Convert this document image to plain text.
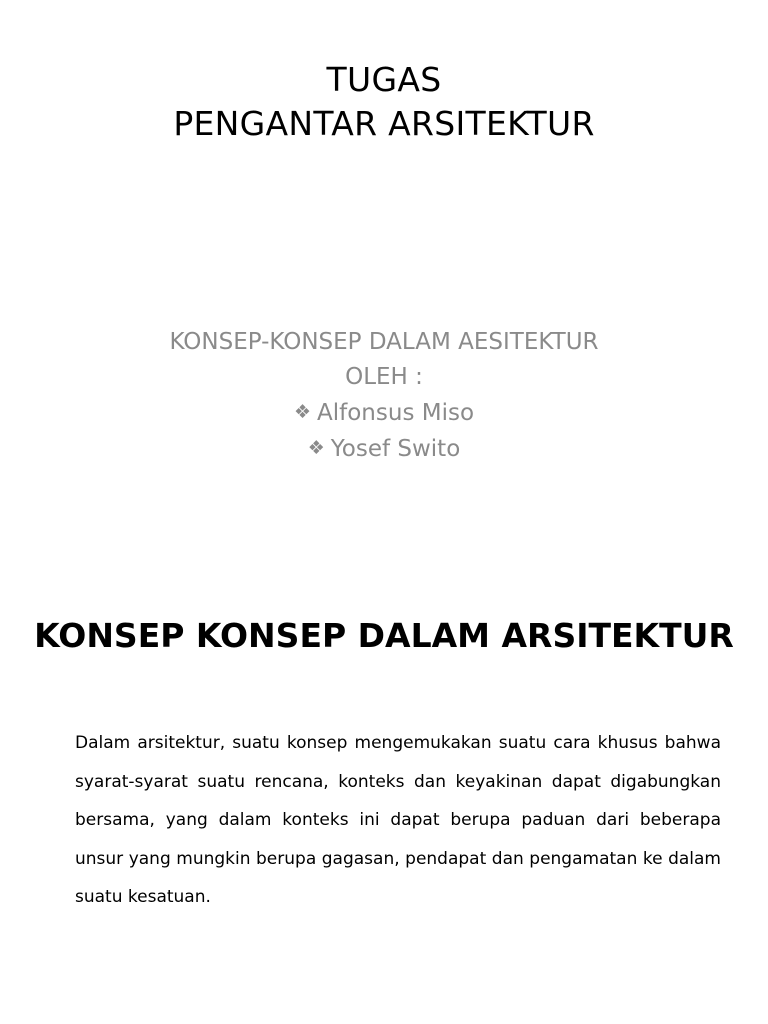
TUGAS
PENGANTAR ARSITEKTUR
KONSEP-KONSEP DALAM AESITEKTUR
OLEH :
❖ Alfonsus Miso
❖ Yosef Swito
KONSEP KONSEP DALAM ARSITEKTUR
Dalam arsitektur, suatu konsep mengemukakan suatu cara khusus bahwa syarat-syarat suatu rencana, konteks dan keyakinan dapat digabungkan bersama, yang dalam konteks ini dapat berupa paduan dari beberapa unsur yang mungkin berupa gagasan, pendapat dan pengamatan ke dalam suatu kesatuan.
